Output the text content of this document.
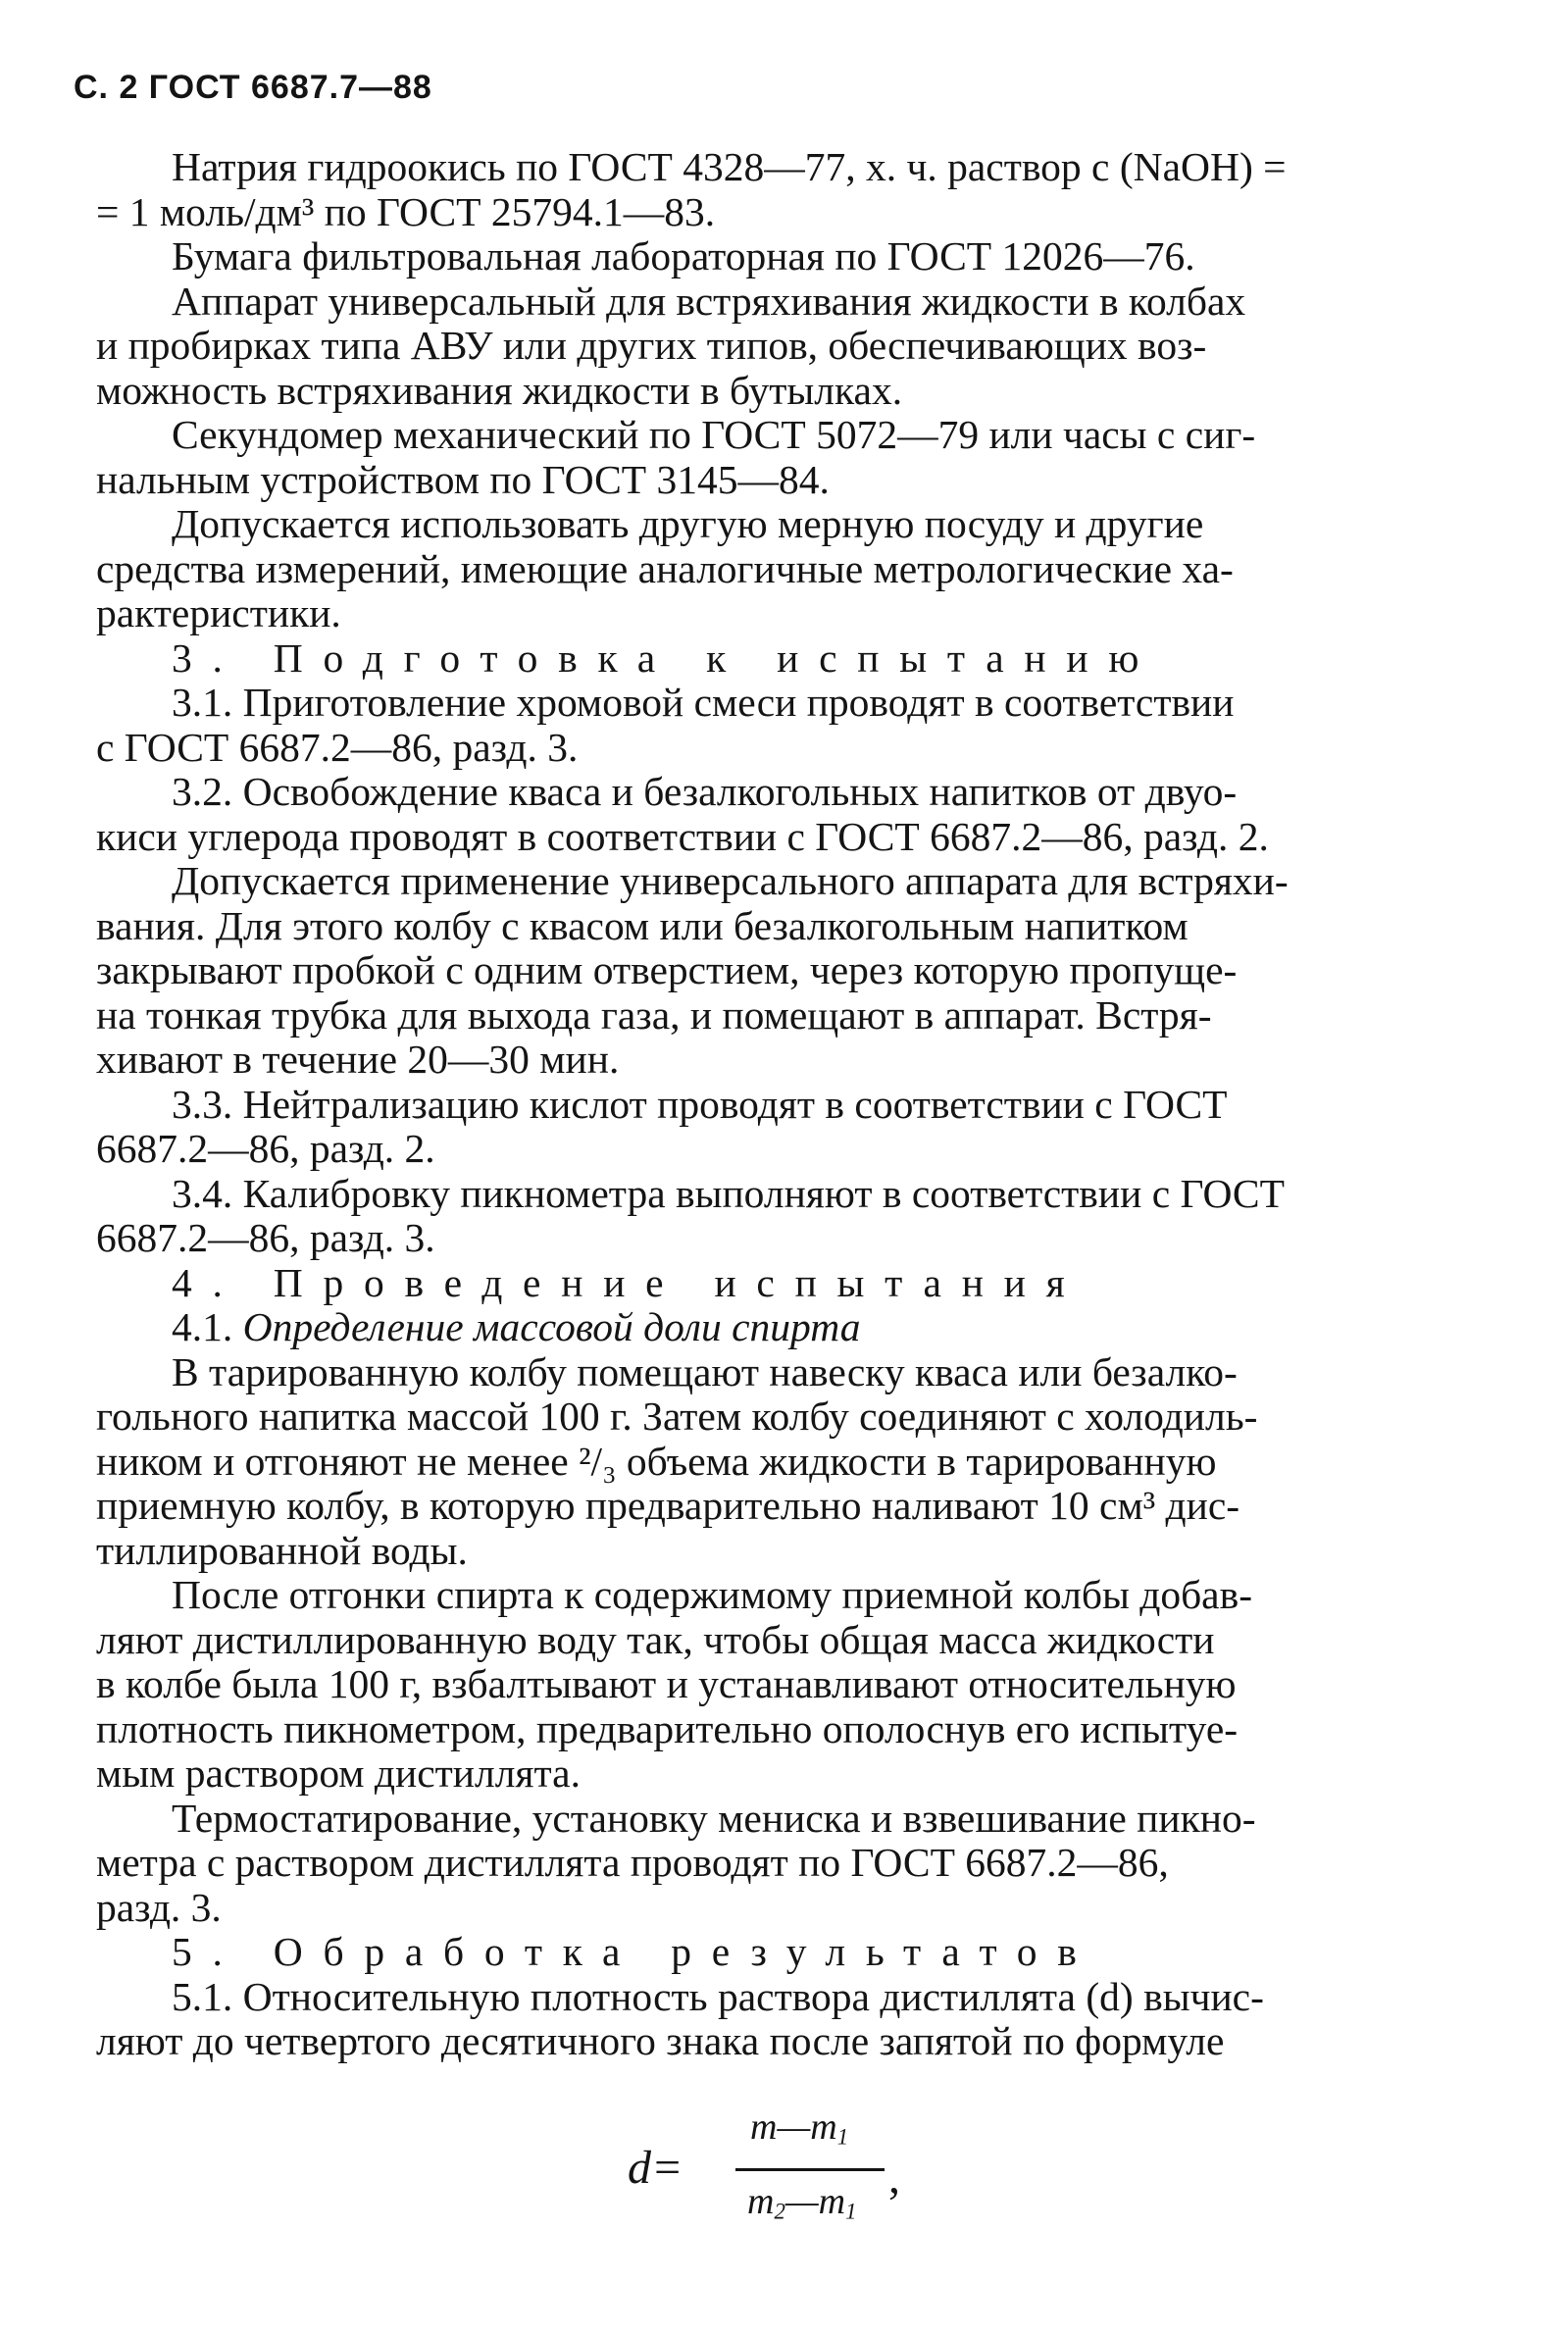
С. 2 ГОСТ 6687.7—88

Натрия гидроокись по ГОСТ 4328—77, х. ч. раствор c (NaOH) =
= 1 моль/дм³ по ГОСТ 25794.1—83.

Бумага фильтровальная лабораторная по ГОСТ 12026—76.

Аппарат универсальный для встряхивания жидкости в колбах
и пробирках типа АВУ или других типов, обеспечивающих воз-
можность встряхивания жидкости в бутылках.

Секундомер механический по ГОСТ 5072—79 или часы с сиг-
нальным устройством по ГОСТ 3145—84.

Допускается использовать другую мерную посуду и другие
средства измерений, имеющие аналогичные метрологические ха-
рактеристики.

3. Подготовка к испытанию

3.1. Приготовление хромовой смеси проводят в соответствии
с ГОСТ 6687.2—86, разд. 3.

3.2. Освобождение кваса и безалкогольных напитков от двуо-
киси углерода проводят в соответствии с ГОСТ 6687.2—86, разд. 2.

Допускается применение универсального аппарата для встряхи-
вания. Для этого колбу с квасом или безалкогольным напитком
закрывают пробкой с одним отверстием, через которую пропуще-
на тонкая трубка для выхода газа, и помещают в аппарат. Встря-
хивают в течение 20—30 мин.

3.3. Нейтрализацию кислот проводят в соответствии с ГОСТ
6687.2—86, разд. 2.

3.4. Калибровку пикнометра выполняют в соответствии с ГОСТ
6687.2—86, разд. 3.

4. Проведение испытания

4.1. Определение массовой доли спирта

В тарированную колбу помещают навеску кваса или безалко-
гольного напитка массой 100 г. Затем колбу соединяют с холодиль-
ником и отгоняют не менее ²/₃ объема жидкости в тарированную
приемную колбу, в которую предварительно наливают 10 см³ дис-
тиллированной воды.

После отгонки спирта к содержимому приемной колбы добав-
ляют дистиллированную воду так, чтобы общая масса жидкости
в колбе была 100 г, взбалтывают и устанавливают относительную
плотность пикнометром, предварительно ополоснув его испытуе-
мым раствором дистиллята.

Термостатирование, установку мениска и взвешивание пикно-
метра с раствором дистиллята проводят по ГОСТ 6687.2—86,
разд. 3.

5. Обработка результатов

5.1. Относительную плотность раствора дистиллята (d) вычис-
ляют до четвертого десятичного знака после запятой по формуле

d=
$m—m_1$
$m_2—m_1$
,
